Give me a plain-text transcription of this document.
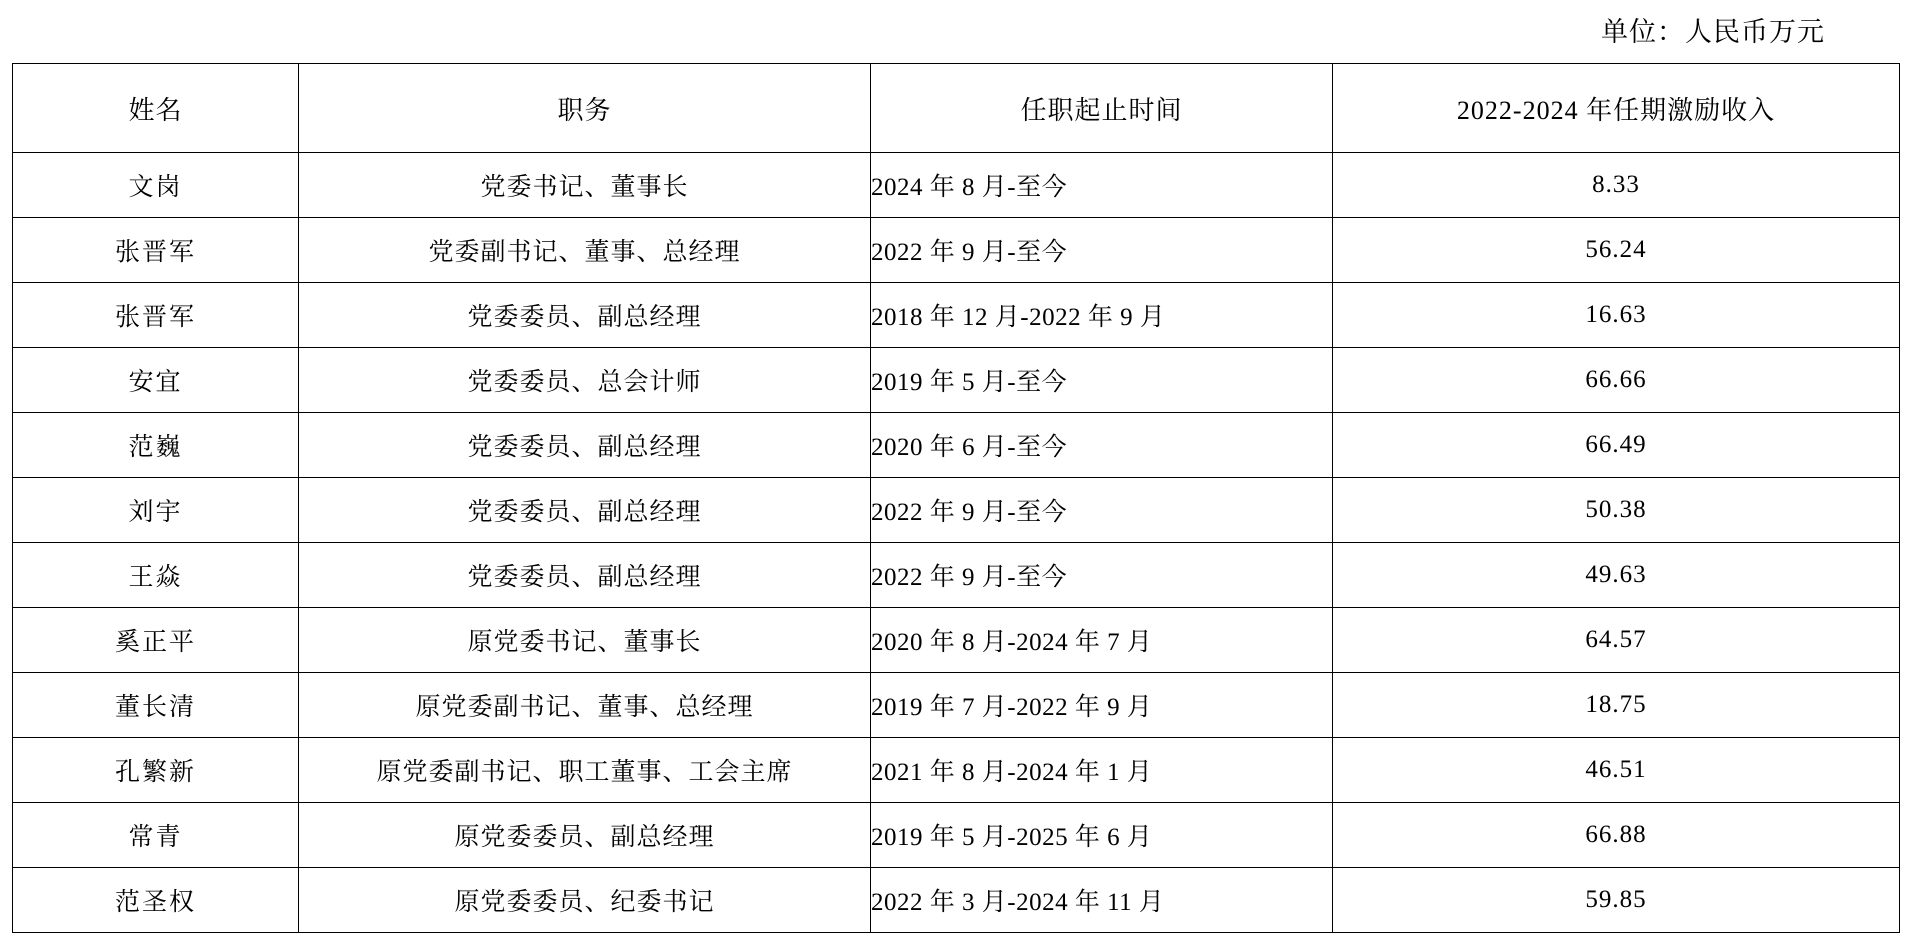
单位：人民币万元
姓名	职务	任职起止时间	2022-2024 年任期激励收入
文岗	党委书记、董事长	2024 年 8 月-至今	8.33
张晋军	党委副书记、董事、总经理	2022 年 9 月-至今	56.24
张晋军	党委委员、副总经理	2018 年 12 月-2022 年 9 月	16.63
安宜	党委委员、总会计师	2019 年 5 月-至今	66.66
范巍	党委委员、副总经理	2020 年 6 月-至今	66.49
刘宇	党委委员、副总经理	2022 年 9 月-至今	50.38
王焱	党委委员、副总经理	2022 年 9 月-至今	49.63
奚正平	原党委书记、董事长	2020 年 8 月-2024 年 7 月	64.57
董长清	原党委副书记、董事、总经理	2019 年 7 月-2022 年 9 月	18.75
孔繁新	原党委副书记、职工董事、工会主席	2021 年 8 月-2024 年 1 月	46.51
常青	原党委委员、副总经理	2019 年 5 月-2025 年 6 月	66.88
范圣权	原党委委员、纪委书记	2022 年 3 月-2024 年 11 月	59.85
